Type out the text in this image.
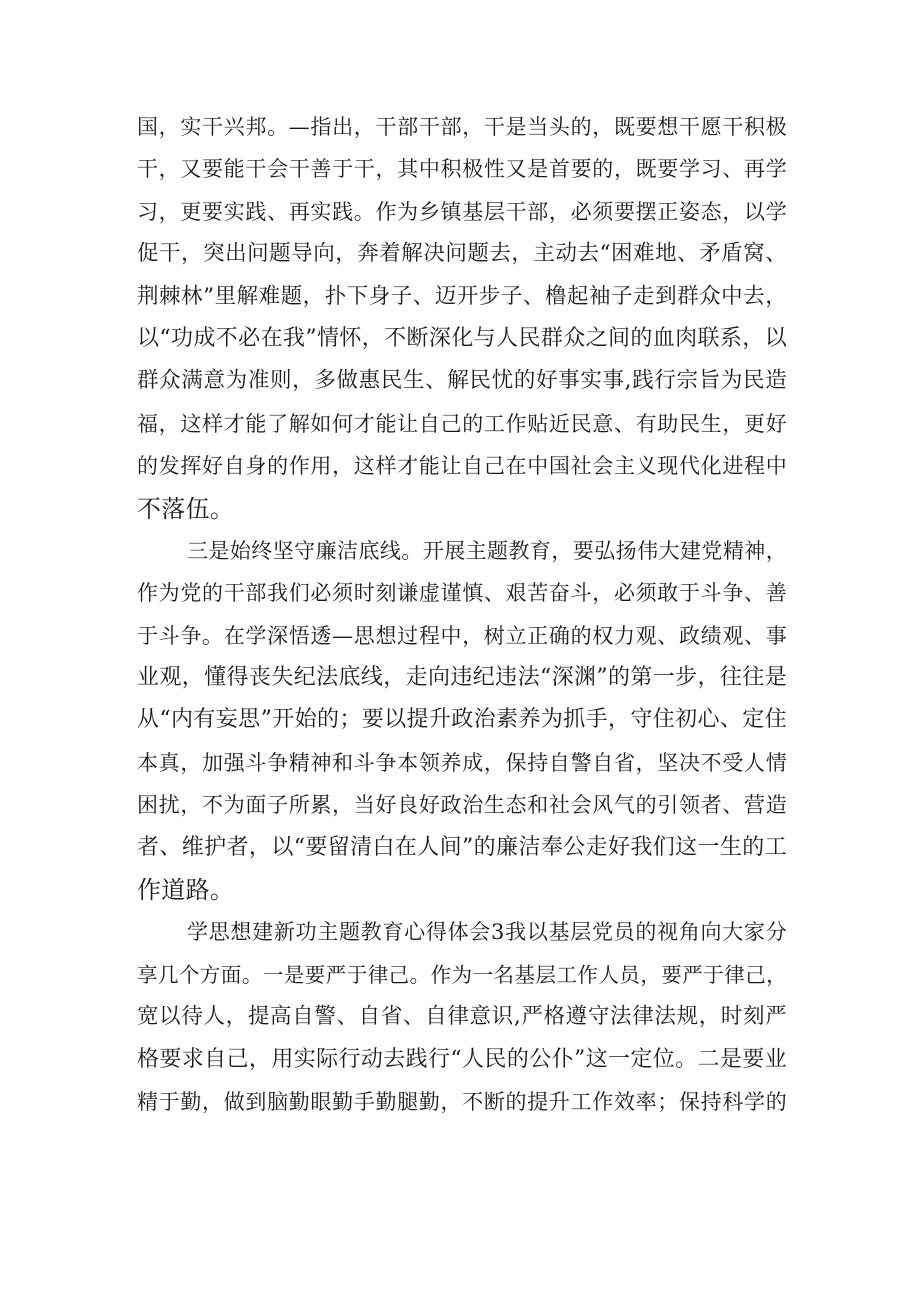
国，实干兴邦。—指出，干部干部，干是当头的，既要想干愿干积极
干，又要能干会干善于干，其中积极性又是首要的，既要学习、再学
习，更要实践、再实践。作为乡镇基层干部，必须要摆正姿态，以学
促干，突出问题导向，奔着解决问题去，主动去“困难地、矛盾窝、
荆棘林”里解难题，扑下身子、迈开步子、橹起袖子走到群众中去，
以“功成不必在我”情怀，不断深化与人民群众之间的血肉联系，以
群众满意为准则，多做惠民生、解民忧的好事实事,践行宗旨为民造
福，这样才能了解如何才能让自己的工作贴近民意、有助民生，更好
的发挥好自身的作用，这样才能让自己在中国社会主义现代化进程中
不落伍。
三是始终坚守廉洁底线。开展主题教育，要弘扬伟大建党精神，
作为党的干部我们必须时刻谦虚谨慎、艰苦奋斗，必须敢于斗争、善
于斗争。在学深悟透—思想过程中，树立正确的权力观、政绩观、事
业观，懂得丧失纪法底线，走向违纪违法“深渊”的第一步，往往是
从“内有妄思”开始的；要以提升政治素养为抓手，守住初心、定住
本真，加强斗争精神和斗争本领养成，保持自警自省，坚决不受人情
困扰，不为面子所累，当好良好政治生态和社会风气的引领者、营造
者、维护者，以“要留清白在人间”的廉洁奉公走好我们这一生的工
作道路。
学思想建新功主题教育心得体会3我以基层党员的视角向大家分
享几个方面。一是要严于律己。作为一名基层工作人员，要严于律己，
宽以待人，提高自警、自省、自律意识,严格遵守法律法规，时刻严
格要求自己，用实际行动去践行“人民的公仆”这一定位。二是要业
精于勤，做到脑勤眼勤手勤腿勤，不断的提升工作效率；保持科学的
